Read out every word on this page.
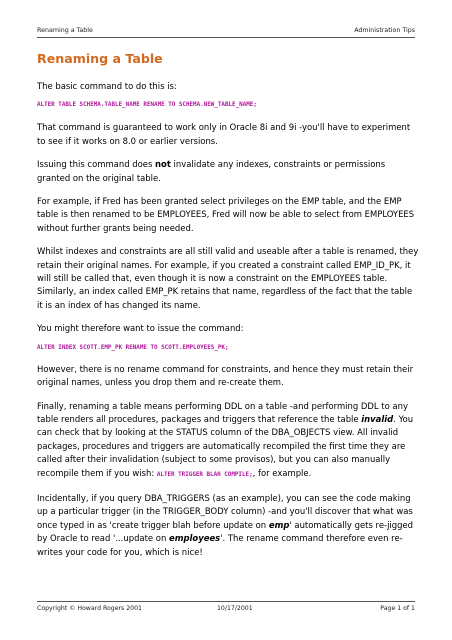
Renaming a Table	Administration Tips
Renaming a Table

The basic command to do this is:

ALTER TABLE SCHEMA.TABLE_NAME RENAME TO SCHEMA.NEW_TABLE_NAME;

That command is guaranteed to work only in Oracle 8i and 9i -you'll have to experiment to see if it works on 8.0 or earlier versions.

Issuing this command does not invalidate any indexes, constraints or permissions granted on the original table.

For example, if Fred has been granted select privileges on the EMP table, and the EMP table is then renamed to be EMPLOYEES, Fred will now be able to select from EMPLOYEES without further grants being needed.

Whilst indexes and constraints are all still valid and useable after a table is renamed, they retain their original names. For example, if you created a constraint called EMP_ID_PK, it will still be called that, even though it is now a constraint on the EMPLOYEES table. Similarly, an index called EMP_PK retains that name, regardless of the fact that the table it is an index of has changed its name.

You might therefore want to issue the command:

ALTER INDEX SCOTT.EMP_PK RENAME TO SCOTT.EMPLOYEES_PK;

However, there is no rename command for constraints, and hence they must retain their original names, unless you drop them and re-create them.

Finally, renaming a table means performing DDL on a table -and performing DDL to any table renders all procedures, packages and triggers that reference the table invalid. You can check that by looking at the STATUS column of the DBA_OBJECTS view. All invalid packages, procedures and triggers are automatically recompiled the first time they are called after their invalidation (subject to some provisos), but you can also manually recompile them if you wish: ALTER TRIGGER BLAH COMPILE;, for example.

Incidentally, if you query DBA_TRIGGERS (as an example), you can see the code making up a particular trigger (in the TRIGGER_BODY column) -and you'll discover that what was once typed in as 'create trigger blah before update on emp' automatically gets re-jigged by Oracle to read '...update on employees'. The rename command therefore even re-writes your code for you, which is nice!

Copyright © Howard Rogers 2001	10/17/2001	Page 1 of 1
